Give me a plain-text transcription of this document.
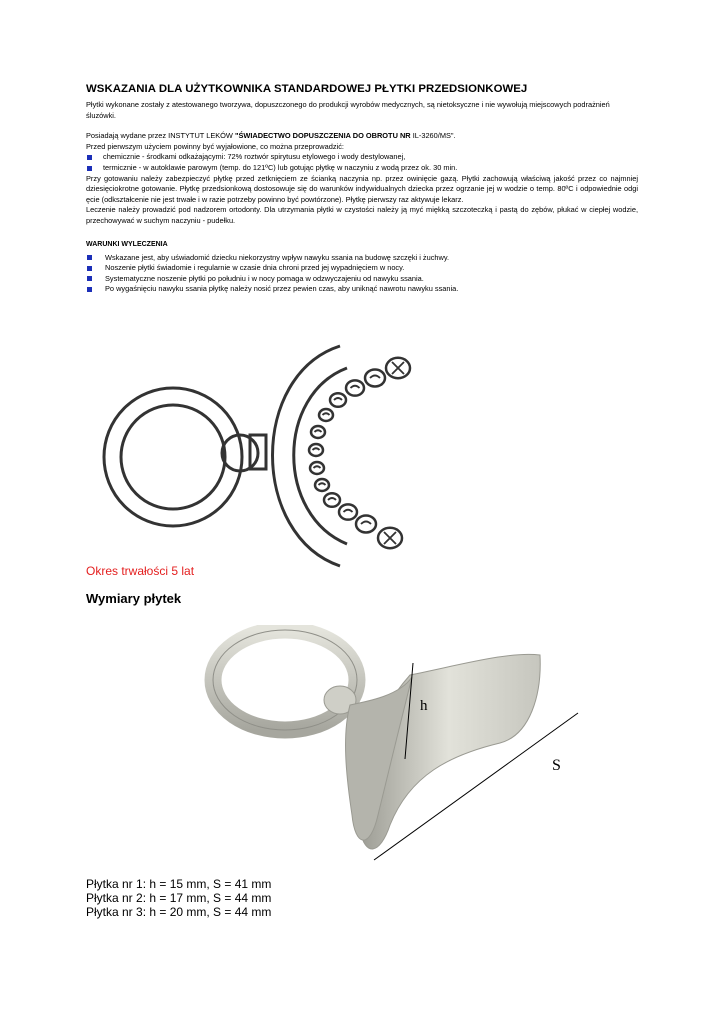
WSKAZANIA DLA UŻYTKOWNIKA STANDARDOWEJ PŁYTKI PRZEDSIONKOWEJ

Płytki wykonane zostały z atestowanego tworzywa, dopuszczonego do produkcji wyrobów medycznych, są nietoksyczne i nie wywołują miejscowych podrażnień śluzówki.

Posiadają wydane przez INSTYTUT LEKÓW "ŚWIADECTWO DOPUSZCZENIA DO OBROTU NR IL-3260/MS".

Przed pierwszym użyciem powinny być wyjałowione, co można przeprowadzić:

chemicznie - środkami odkażającymi: 72% roztwór spirytusu etylowego i wody destylowanej,
termicznie - w autoklawie parowym (temp. do 121ºC) lub gotując płytkę w naczyniu z wodą przez ok. 30 min.

Przy gotowaniu należy zabezpieczyć płytkę przed zetknięciem ze ścianką naczynia np. przez owinięcie gazą. Płytki zachowują właściwą jakość przez co najmniej dziesięciokrotne gotowanie. Płytkę przedsionkową dostosowuje się do warunków indywidualnych dziecka przez ogrzanie jej w wodzie o temp. 80ºC i odpowiednie odgi ęcie (odkształcenie nie jest trwałe i w razie potrzeby powinno być powtórzone). Płytkę pierwszy raz aktywuje lekarz.

Leczenie należy prowadzić pod nadzorem ortodonty. Dla utrzymania płytki w czystości należy ją myć miękką szczoteczką i pastą do zębów, płukać w ciepłej wodzie, przechowywać w suchym naczyniu - pudełku.

WARUNKI WYLECZENIA
Wskazane jest, aby uświadomić dziecku niekorzystny wpływ nawyku ssania na budowę szczęki i żuchwy.
Noszenie płytki świadomie i regularnie w czasie dnia chroni przed jej wypadnięciem w nocy.
Systematyczne noszenie płytki po południu i w nocy pomaga w odzwyczajeniu od nawyku ssania.
Po wygaśnięciu nawyku ssania płytkę należy nosić przez pewien czas, aby uniknąć nawrotu nawyku ssania.
Okres trwałości 5 lat
Wymiary płytek
h
S

Płytka nr 1: h = 15 mm, S = 41 mm

Płytka nr 2: h = 17 mm, S = 44 mm

Płytka nr 3: h = 20 mm, S = 44 mm
